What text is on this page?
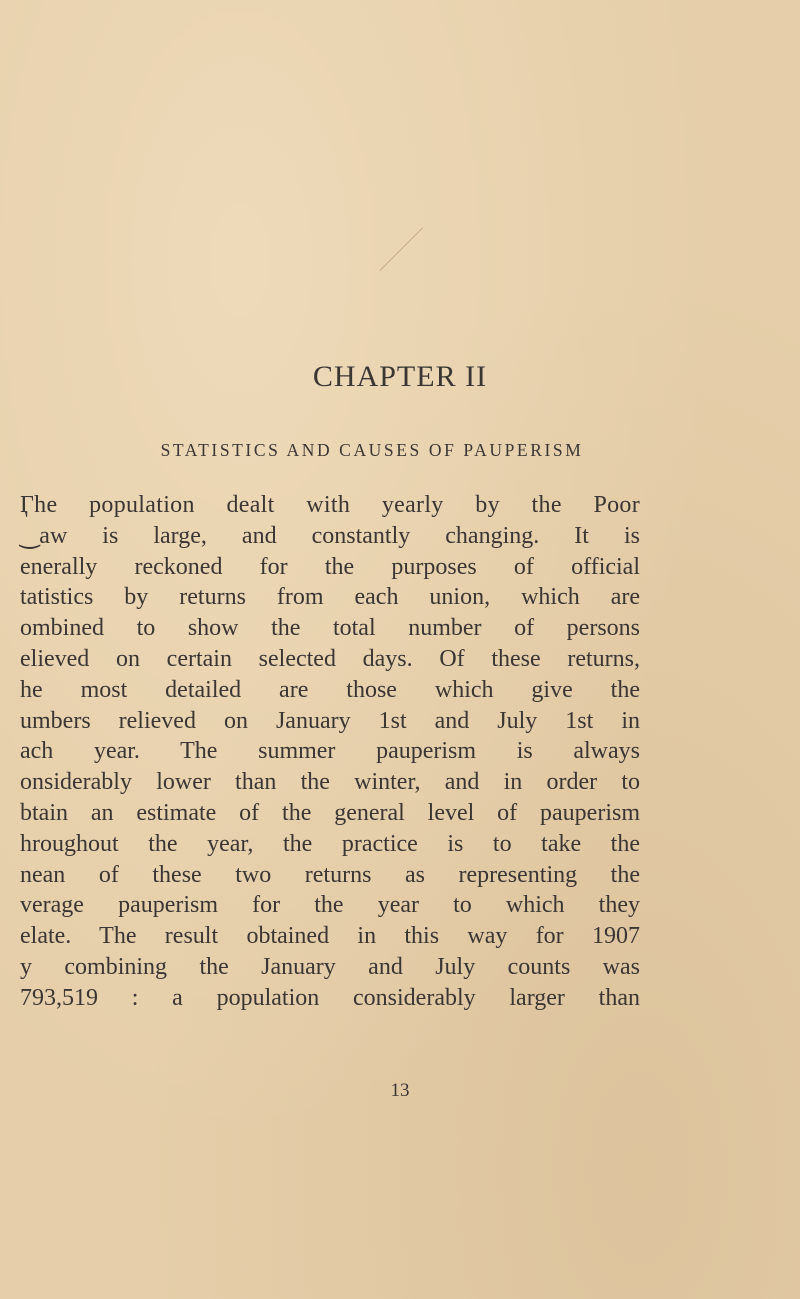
CHAPTER II
STATISTICS AND CAUSES OF PAUPERISM
Ӷhe population dealt with yearly by the Poor
‿aw is large, and constantly changing. It is
enerally reckoned for the purposes of official
tatistics by returns from each union, which are
ombined to show the total number of persons
elieved on certain selected days. Of these returns,
he most detailed are those which give the
umbers relieved on January 1st and July 1st in
ach year. The summer pauperism is always
onsiderably lower than the winter, and in order to
btain an estimate of the general level of pauperism
hroughout the year, the practice is to take the
nean of these two returns as representing the
verage pauperism for the year to which they
elate. The result obtained in this way for 1907
y combining the January and July counts was
793,519 : a population considerably larger than

13
